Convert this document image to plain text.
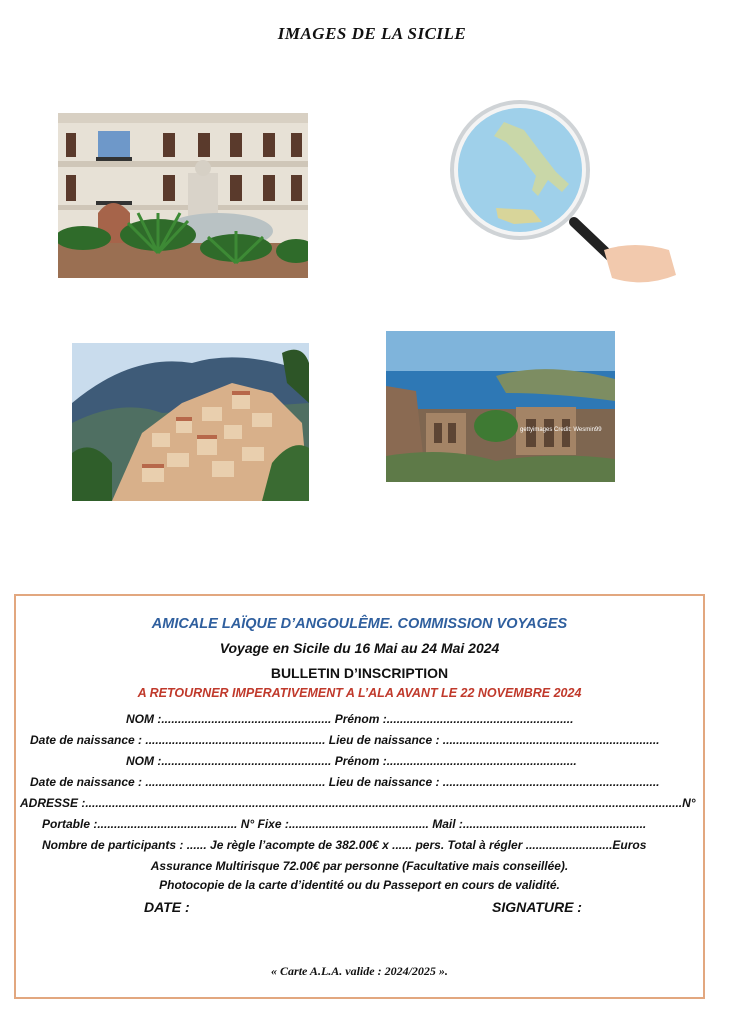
IMAGES DE LA SICILE
gettyimages Credit: Wesmin99
AMICALE LAÏQUE D’ANGOULÊME. COMMISSION VOYAGES
Voyage en Sicile du 16 Mai au 24 Mai 2024
BULLETIN D’INSCRIPTION
A RETOURNER IMPERATIVEMENT A L’ALA AVANT LE 22 NOVEMBRE 2024
NOM :................................................... Prénom :........................................................
Date de naissance : ...................................................... Lieu de naissance : .................................................................
NOM :................................................... Prénom :.........................................................
Date de naissance : ...................................................... Lieu de naissance : .................................................................
ADRESSE :...................................................................................................................................................................................N°
Portable :.......................................... N° Fixe :.......................................... Mail :.......................................................
Nombre de participants : ...... Je règle l’acompte de 382.00€ x ...... pers. Total à régler ..........................Euros
Assurance Multirisque 72.00€ par personne (Facultative mais conseillée).
Photocopie de la carte d’identité ou du Passeport en cours de validité.
DATE :	SIGNATURE :
« Carte A.L.A. valide : 2024/2025 ».
